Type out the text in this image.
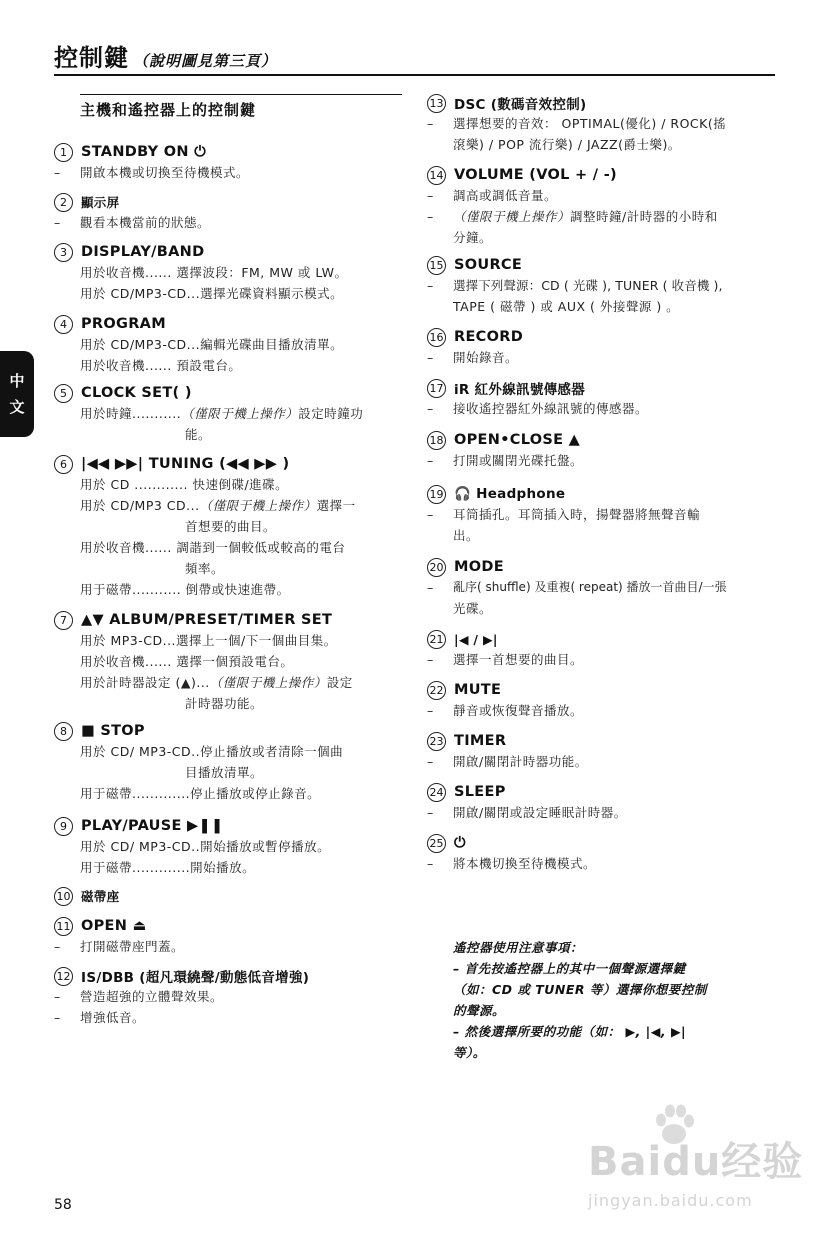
控制鍵 （說明圖見第三頁）
中
文
主機和遙控器上的控制鍵
1 STANDBY ON ⏻
– 開啟本機或切換至待機模式。
2	顯示屏
– 觀看本機當前的狀態。
3 DISPLAY/BAND
用於收音機...... 選擇波段：FM, MW 或 LW。
用於 CD/MP3-CD...選擇光碟資料顯示模式。
4 PROGRAM
用於 CD/MP3-CD...編輯光碟曲目播放清單。
用於收音機...... 預設電台。
5 CLOCK SET( )
用於時鐘...........（僅限于機上操作）設定時鐘功
能。
6 |◀◀ ▶▶| TUNING (◀◀ ▶▶ )
用於 CD ............ 快速倒碟/進碟。
用於 CD/MP3 CD...（僅限于機上操作）選擇一
首想要的曲目。
用於收音機...... 調諧到一個較低或較高的電台
頻率。
用于磁帶........... 倒帶或快速進帶。
7 ▲▼ ALBUM/PRESET/TIMER SET
用於 MP3-CD...選擇上一個/下一個曲目集。
用於收音機...... 選擇一個預設電台。
用於計時器設定 (▲)...（僅限于機上操作）設定
計時器功能。
8 ■ STOP
用於 CD/ MP3-CD..停止播放或者清除一個曲
目播放清單。
用于磁帶.............停止播放或停止錄音。
9 PLAY/PAUSE ▶❚❚
用於 CD/ MP3-CD..開始播放或暫停播放。
用于磁帶.............開始播放。
10 磁帶座
11 OPEN ⏏
– 打開磁帶座門蓋。
12 IS/DBB (超凡環繞聲/動態低音增強)
– 營造超強的立體聲效果。
– 增強低音。
13 DSC (數碼音效控制)
– 選擇想要的音效： OPTIMAL(優化) / ROCK(搖
滾樂) / POP 流行樂) / JAZZ(爵士樂)。
14 VOLUME (VOL + / -)
– 調高或調低音量。
– （僅限于機上操作）調整時鐘/計時器的小時和
分鐘。
15 SOURCE
– 選擇下列聲源：CD ( 光碟 ), TUNER ( 收音機 ),
TAPE ( 磁帶 ) 或 AUX ( 外接聲源 ) 。
16 RECORD
– 開始錄音。
17 iR 紅外線訊號傳感器
– 接收遙控器紅外線訊號的傳感器。
18 OPEN•CLOSE ▲
– 打開或關閉光碟托盤。
19 🎧 Headphone
– 耳筒插孔。耳筒插入時，揚聲器將無聲音輸
出。
20 MODE
– 亂序( shuffle) 及重複( repeat) 播放一首曲目/一張
光碟。
21 |◀ / ▶|
– 選擇一首想要的曲目。
22 MUTE
– 靜音或恢復聲音播放。
23 TIMER
– 開啟/關閉計時器功能。
24 SLEEP
– 開啟/關閉或設定睡眠計時器。
25 ⏻
– 將本機切換至待機模式。
遙控器使用注意事項：
– 首先按遙控器上的其中一個聲源選擇鍵
（如：CD 或 TUNER 等）選擇你想要控制
的聲源。
– 然後選擇所要的功能（如： ▶, |◀, ▶|
等）。
Baidu经验
jingyan.baidu.com
58
